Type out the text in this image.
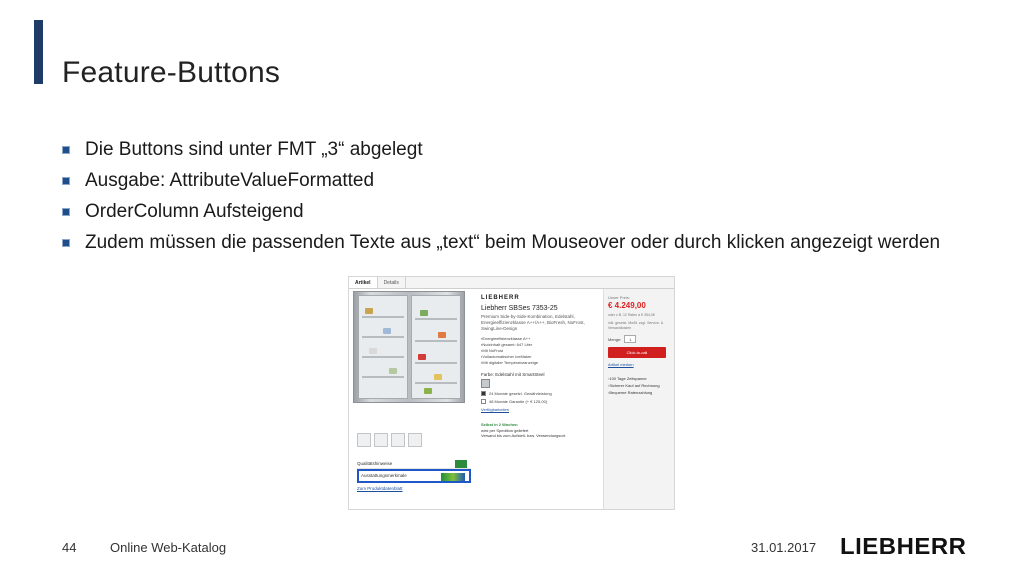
Feature-Buttons
Die Buttons sind unter FMT „3“ abgelegt
Ausgabe: AttributeValueFormatted
OrderColumn Aufsteigend
Zudem müssen die passenden Texte aus „text“ beim Mouseover oder durch klicken angezeigt werden
Artikel	Details
Qualitätshinweise
Ausstattungsmerkmale
Zum Produktdatenblatt
LIEBHERR
Liebherr SBSes 7353-25
Premium Side-by-Side-Kombination, Edelstahl, Energieeffizienzklasse A++/A++, BioFresh, NoFrost, SwingLine-Design
▪ Energieeffizienzklasse A++
▪ Nutzinhalt gesamt: 647 Liter
▪ Mit NoFrost
▪ Vollautomatischer IceMaker
▪ Mit digitaler Temperaturanzeige
Farbe: Edelstahl mit SmartSteel
24 Monate gesetzl. Gewährleistung
48 Monate Garantie (+ € 125,00)
Verfügbarkeiten
Selbst in 2 Wochen
wird per Spedition geliefert
Versand bis zum Aufstell- bzw. Verwendungsort.
Unser Preis:
€ 4.249,00
oder z.B. 12 Raten à € 354,08
inkl. gesetzl. MwSt. zzgl. Service- & Versandkosten
Menge:	1
Click-to-call
Artikel merken
› 100 Tage Zeitspanne
› Sicherer Kauf auf Rechnung
› Bequeme Ratenzahlung
44	Online Web-Katalog	31.01.2017 LIEBHERR
